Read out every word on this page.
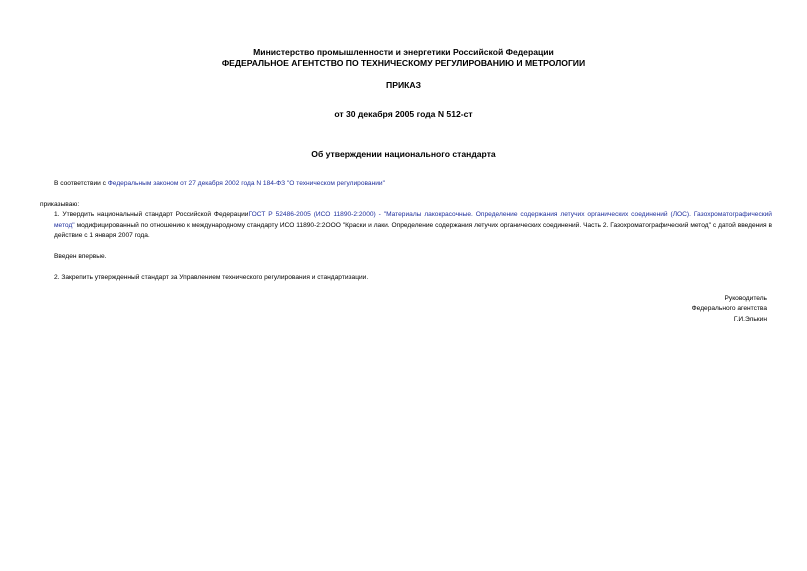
Министерство промышленности и энергетики Российской Федерации
ФЕДЕРАЛЬНОЕ АГЕНТСТВО ПО ТЕХНИЧЕСКОМУ РЕГУЛИРОВАНИЮ И МЕТРОЛОГИИ
ПРИКАЗ
от 30 декабря 2005 года N 512-ст
Об утверждении национального стандарта
В соответствии с Федеральным законом от 27 декабря 2002 года N 184-ФЗ "О техническом регулировании"
приказываю:
1. Утвердить национальный стандарт Российской ФедерацииГОСТ Р 52486-2005 (ИСО 11890-2:2000) - "Материалы лакокрасочные. Определение содержания летучих органических соединений (ЛОС). Газохроматографический метод" модифицированный по отношению к международному стандарту ИСО 11890-2:2ООО "Краски и лаки. Определение содержания летучих органических соединений. Часть 2. Газохроматографический метод" с датой введения в действие с 1 января 2007 года.
Введен впервые.
2. Закрепить утвержденный стандарт за Управлением технического регулирования и стандартизации.
Руководитель
Федерального агентства
Г.И.Элькин
